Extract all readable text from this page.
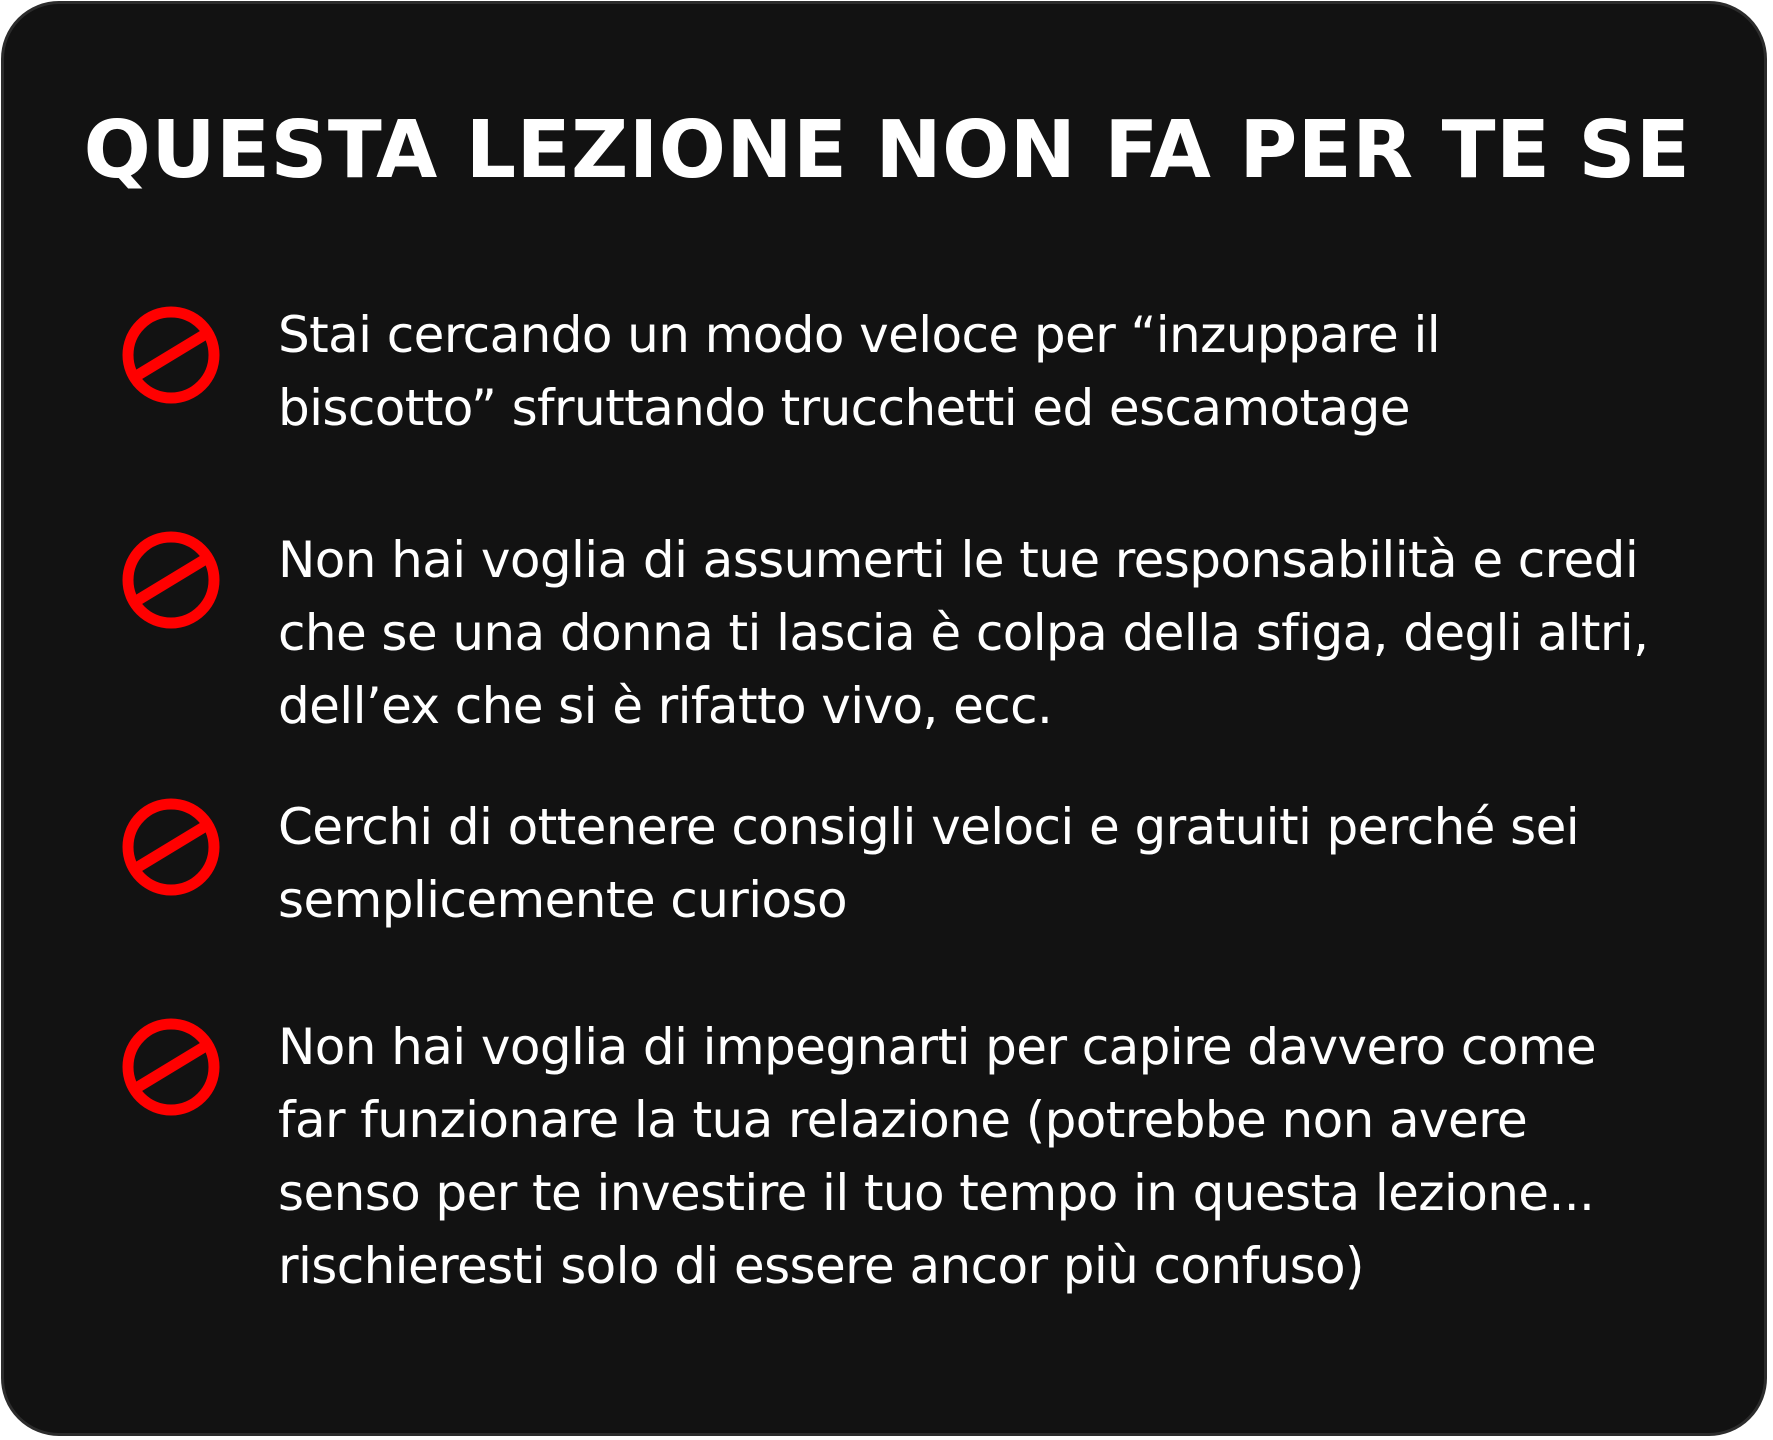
QUESTA LEZIONE NON FA PER TE SE

Stai cercando un modo veloce per “inzuppare il
biscotto” sfruttando trucchetti ed escamotage

Non hai voglia di assumerti le tue responsabilità e credi
che se una donna ti lascia è colpa della sfiga, degli altri,
dell’ex che si è rifatto vivo, ecc.

Cerchi di ottenere consigli veloci e gratuiti perché sei
semplicemente curioso

Non hai voglia di impegnarti per capire davvero come
far funzionare la tua relazione (potrebbe non avere
senso per te investire il tuo tempo in questa lezione...
rischieresti solo di essere ancor più confuso)
